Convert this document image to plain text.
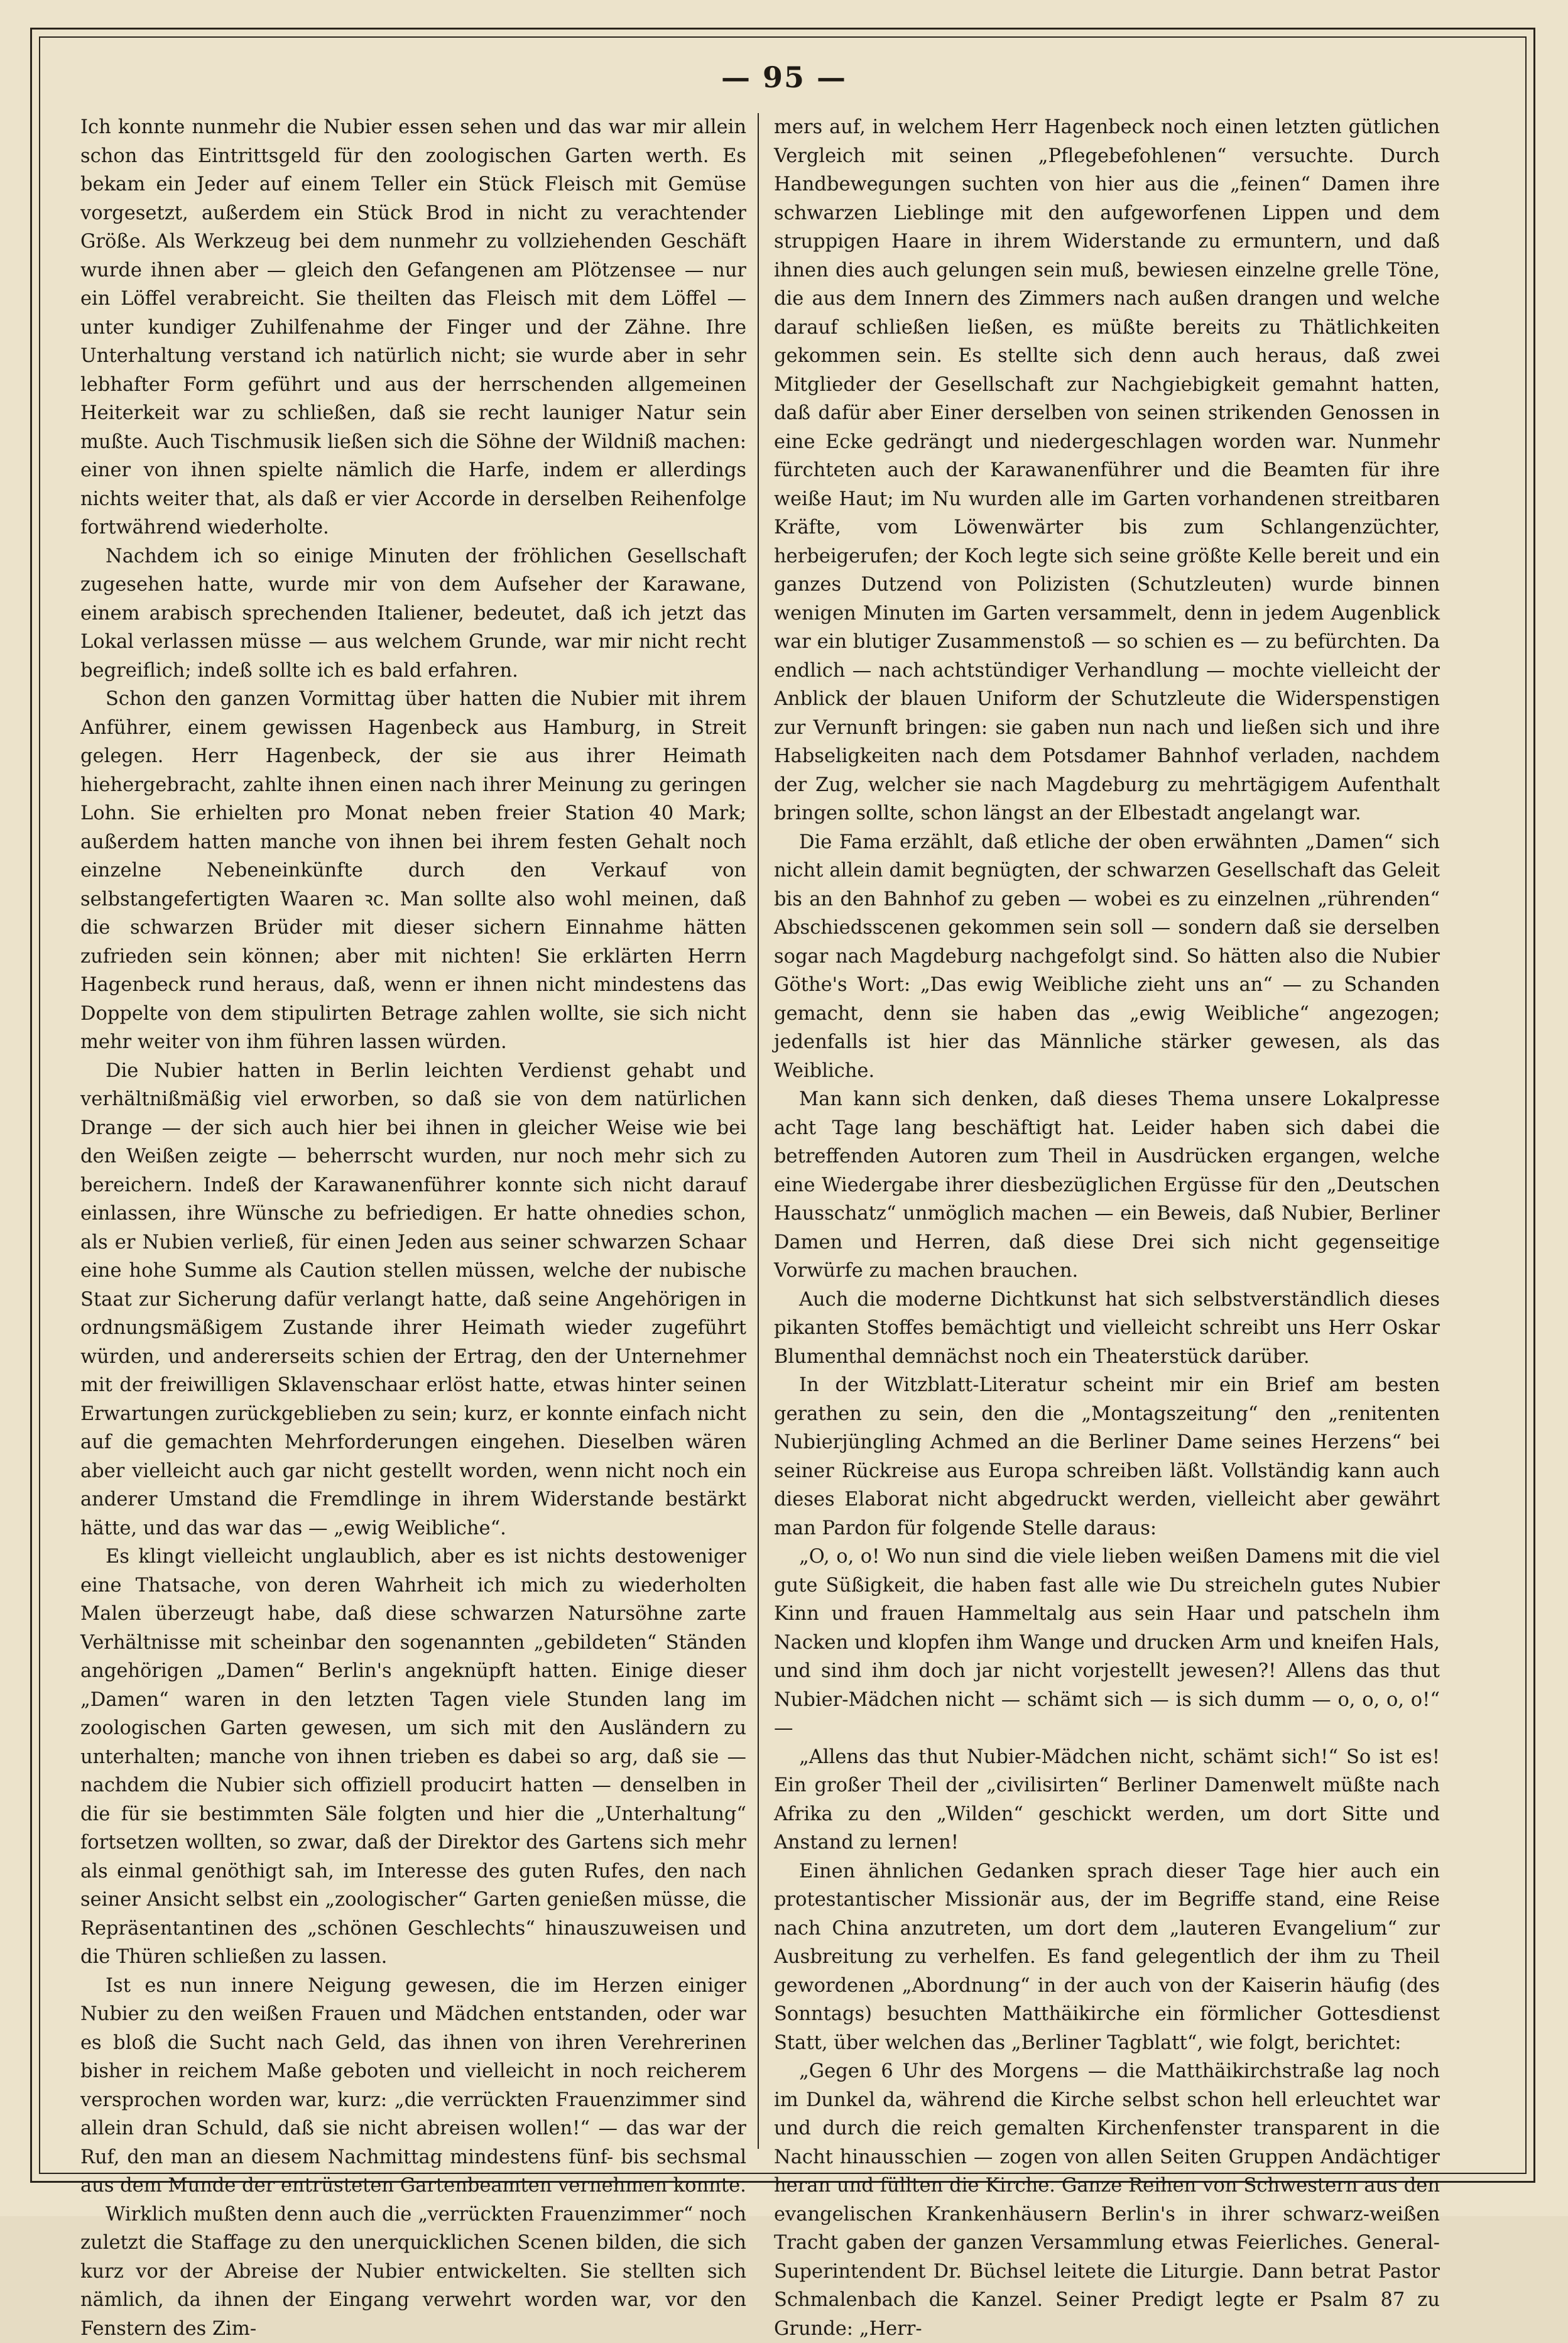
— 95 —

Ich konnte nunmehr die Nubier essen sehen und das war mir allein schon das Eintrittsgeld für den zoologischen Garten werth. Es bekam ein Jeder auf einem Teller ein Stück Fleisch mit Gemüse vorgesetzt, außerdem ein Stück Brod in nicht zu verachtender Größe. Als Werkzeug bei dem nunmehr zu vollziehenden Geschäft wurde ihnen aber — gleich den Gefangenen am Plötzensee — nur ein Löffel verabreicht. Sie theilten das Fleisch mit dem Löffel — unter kundiger Zuhilfenahme der Finger und der Zähne. Ihre Unterhaltung verstand ich natürlich nicht; sie wurde aber in sehr lebhafter Form geführt und aus der herrschenden allgemeinen Heiterkeit war zu schließen, daß sie recht launiger Natur sein mußte. Auch Tischmusik ließen sich die Söhne der Wildniß machen: einer von ihnen spielte nämlich die Harfe, indem er allerdings nichts weiter that, als daß er vier Accorde in derselben Reihenfolge fortwährend wiederholte.

Nachdem ich so einige Minuten der fröhlichen Gesellschaft zugesehen hatte, wurde mir von dem Aufseher der Karawane, einem arabisch sprechenden Italiener, bedeutet, daß ich jetzt das Lokal verlassen müsse — aus welchem Grunde, war mir nicht recht begreiflich; indeß sollte ich es bald erfahren.

Schon den ganzen Vormittag über hatten die Nubier mit ihrem Anführer, einem gewissen Hagenbeck aus Hamburg, in Streit gelegen. Herr Hagenbeck, der sie aus ihrer Heimath hiehergebracht, zahlte ihnen einen nach ihrer Meinung zu geringen Lohn. Sie erhielten pro Monat neben freier Station 40 Mark; außerdem hatten manche von ihnen bei ihrem festen Gehalt noch einzelne Nebeneinkünfte durch den Verkauf von selbstangefertigten Waaren ꝛc. Man sollte also wohl meinen, daß die schwarzen Brüder mit dieser sichern Einnahme hätten zufrieden sein können; aber mit nichten! Sie erklärten Herrn Hagenbeck rund heraus, daß, wenn er ihnen nicht mindestens das Doppelte von dem stipulirten Betrage zahlen wollte, sie sich nicht mehr weiter von ihm führen lassen würden.

Die Nubier hatten in Berlin leichten Verdienst gehabt und verhältnißmäßig viel erworben, so daß sie von dem natürlichen Drange — der sich auch hier bei ihnen in gleicher Weise wie bei den Weißen zeigte — beherrscht wurden, nur noch mehr sich zu bereichern. Indeß der Karawanenführer konnte sich nicht darauf einlassen, ihre Wünsche zu befriedigen. Er hatte ohnedies schon, als er Nubien verließ, für einen Jeden aus seiner schwarzen Schaar eine hohe Summe als Caution stellen müssen, welche der nubische Staat zur Sicherung dafür verlangt hatte, daß seine Angehörigen in ordnungsmäßigem Zustande ihrer Heimath wieder zugeführt würden, und andererseits schien der Ertrag, den der Unternehmer mit der freiwilligen Sklavenschaar erlöst hatte, etwas hinter seinen Erwartungen zurückgeblieben zu sein; kurz, er konnte einfach nicht auf die gemachten Mehrforderungen eingehen. Dieselben wären aber vielleicht auch gar nicht gestellt worden, wenn nicht noch ein anderer Umstand die Fremdlinge in ihrem Widerstande bestärkt hätte, und das war das — „ewig Weibliche“.

Es klingt vielleicht unglaublich, aber es ist nichts destoweniger eine Thatsache, von deren Wahrheit ich mich zu wiederholten Malen überzeugt habe, daß diese schwarzen Natursöhne zarte Verhältnisse mit scheinbar den sogenannten „gebildeten“ Ständen angehörigen „Damen“ Berlin's angeknüpft hatten. Einige dieser „Damen“ waren in den letzten Tagen viele Stunden lang im zoologischen Garten gewesen, um sich mit den Ausländern zu unterhalten; manche von ihnen trieben es dabei so arg, daß sie — nachdem die Nubier sich offiziell producirt hatten — denselben in die für sie bestimmten Säle folgten und hier die „Unterhaltung“ fortsetzen wollten, so zwar, daß der Direktor des Gartens sich mehr als einmal genöthigt sah, im Interesse des guten Rufes, den nach seiner Ansicht selbst ein „zoologischer“ Garten genießen müsse, die Repräsentantinen des „schönen Geschlechts“ hinauszuweisen und die Thüren schließen zu lassen.

Ist es nun innere Neigung gewesen, die im Herzen einiger Nubier zu den weißen Frauen und Mädchen entstanden, oder war es bloß die Sucht nach Geld, das ihnen von ihren Verehrerinen bisher in reichem Maße geboten und vielleicht in noch reicherem versprochen worden war, kurz: „die verrückten Frauenzimmer sind allein dran Schuld, daß sie nicht abreisen wollen!“ — das war der Ruf, den man an diesem Nachmittag mindestens fünf- bis sechsmal aus dem Munde der entrüsteten Gartenbeamten vernehmen konnte.

Wirklich mußten denn auch die „verrückten Frauenzimmer“ noch zuletzt die Staffage zu den unerquicklichen Scenen bilden, die sich kurz vor der Abreise der Nubier entwickelten. Sie stellten sich nämlich, da ihnen der Eingang verwehrt worden war, vor den Fenstern des Zim-

mers auf, in welchem Herr Hagenbeck noch einen letzten gütlichen Vergleich mit seinen „Pflegebefohlenen“ versuchte. Durch Handbewegungen suchten von hier aus die „feinen“ Damen ihre schwarzen Lieblinge mit den aufgeworfenen Lippen und dem struppigen Haare in ihrem Widerstande zu ermuntern, und daß ihnen dies auch gelungen sein muß, bewiesen einzelne grelle Töne, die aus dem Innern des Zimmers nach außen drangen und welche darauf schließen ließen, es müßte bereits zu Thätlichkeiten gekommen sein. Es stellte sich denn auch heraus, daß zwei Mitglieder der Gesellschaft zur Nachgiebigkeit gemahnt hatten, daß dafür aber Einer derselben von seinen strikenden Genossen in eine Ecke gedrängt und niedergeschlagen worden war. Nunmehr fürchteten auch der Karawanenführer und die Beamten für ihre weiße Haut; im Nu wurden alle im Garten vorhandenen streitbaren Kräfte, vom Löwenwärter bis zum Schlangenzüchter, herbeigerufen; der Koch legte sich seine größte Kelle bereit und ein ganzes Dutzend von Polizisten (Schutzleuten) wurde binnen wenigen Minuten im Garten versammelt, denn in jedem Augenblick war ein blutiger Zusammenstoß — so schien es — zu befürchten. Da endlich — nach achtstündiger Verhandlung — mochte vielleicht der Anblick der blauen Uniform der Schutzleute die Widerspenstigen zur Vernunft bringen: sie gaben nun nach und ließen sich und ihre Habseligkeiten nach dem Potsdamer Bahnhof verladen, nachdem der Zug, welcher sie nach Magdeburg zu mehrtägigem Aufenthalt bringen sollte, schon längst an der Elbestadt angelangt war.

Die Fama erzählt, daß etliche der oben erwähnten „Damen“ sich nicht allein damit begnügten, der schwarzen Gesellschaft das Geleit bis an den Bahnhof zu geben — wobei es zu einzelnen „rührenden“ Abschiedsscenen gekommen sein soll — sondern daß sie derselben sogar nach Magdeburg nachgefolgt sind. So hätten also die Nubier Göthe's Wort: „Das ewig Weibliche zieht uns an“ — zu Schanden gemacht, denn sie haben das „ewig Weibliche“ angezogen; jedenfalls ist hier das Männliche stärker gewesen, als das Weibliche.

Man kann sich denken, daß dieses Thema unsere Lokalpresse acht Tage lang beschäftigt hat. Leider haben sich dabei die betreffenden Autoren zum Theil in Ausdrücken ergangen, welche eine Wiedergabe ihrer diesbezüglichen Ergüsse für den „Deutschen Hausschatz“ unmöglich machen — ein Beweis, daß Nubier, Berliner Damen und Herren, daß diese Drei sich nicht gegenseitige Vorwürfe zu machen brauchen.

Auch die moderne Dichtkunst hat sich selbstverständlich dieses pikanten Stoffes bemächtigt und vielleicht schreibt uns Herr Oskar Blumenthal demnächst noch ein Theaterstück darüber.

In der Witzblatt-Literatur scheint mir ein Brief am besten gerathen zu sein, den die „Montagszeitung“ den „renitenten Nubierjüngling Achmed an die Berliner Dame seines Herzens“ bei seiner Rückreise aus Europa schreiben läßt. Vollständig kann auch dieses Elaborat nicht abgedruckt werden, vielleicht aber gewährt man Pardon für folgende Stelle daraus:

„O, o, o! Wo nun sind die viele lieben weißen Damens mit die viel gute Süßigkeit, die haben fast alle wie Du streicheln gutes Nubier Kinn und frauen Hammeltalg aus sein Haar und patscheln ihm Nacken und klopfen ihm Wange und drucken Arm und kneifen Hals, und sind ihm doch jar nicht vorjestellt jewesen?! Allens das thut Nubier-Mädchen nicht — schämt sich — is sich dumm — o, o, o, o!“ —

„Allens das thut Nubier-Mädchen nicht, schämt sich!“ So ist es! Ein großer Theil der „civilisirten“ Berliner Damenwelt müßte nach Afrika zu den „Wilden“ geschickt werden, um dort Sitte und Anstand zu lernen!

Einen ähnlichen Gedanken sprach dieser Tage hier auch ein protestantischer Missionär aus, der im Begriffe stand, eine Reise nach China anzutreten, um dort dem „lauteren Evangelium“ zur Ausbreitung zu verhelfen. Es fand gelegentlich der ihm zu Theil gewordenen „Abordnung“ in der auch von der Kaiserin häufig (des Sonntags) besuchten Matthäikirche ein förmlicher Gottesdienst Statt, über welchen das „Berliner Tagblatt“, wie folgt, berichtet:

„Gegen 6 Uhr des Morgens — die Matthäikirchstraße lag noch im Dunkel da, während die Kirche selbst schon hell erleuchtet war und durch die reich gemalten Kirchenfenster transparent in die Nacht hinausschien — zogen von allen Seiten Gruppen Andächtiger heran und füllten die Kirche. Ganze Reihen von Schwestern aus den evangelischen Krankenhäusern Berlin's in ihrer schwarz-weißen Tracht gaben der ganzen Versammlung etwas Feierliches. General-Superintendent Dr. Büchsel leitete die Liturgie. Dann betrat Pastor Schmalenbach die Kanzel. Seiner Predigt legte er Psalm 87 zu Grunde: „Herr-
